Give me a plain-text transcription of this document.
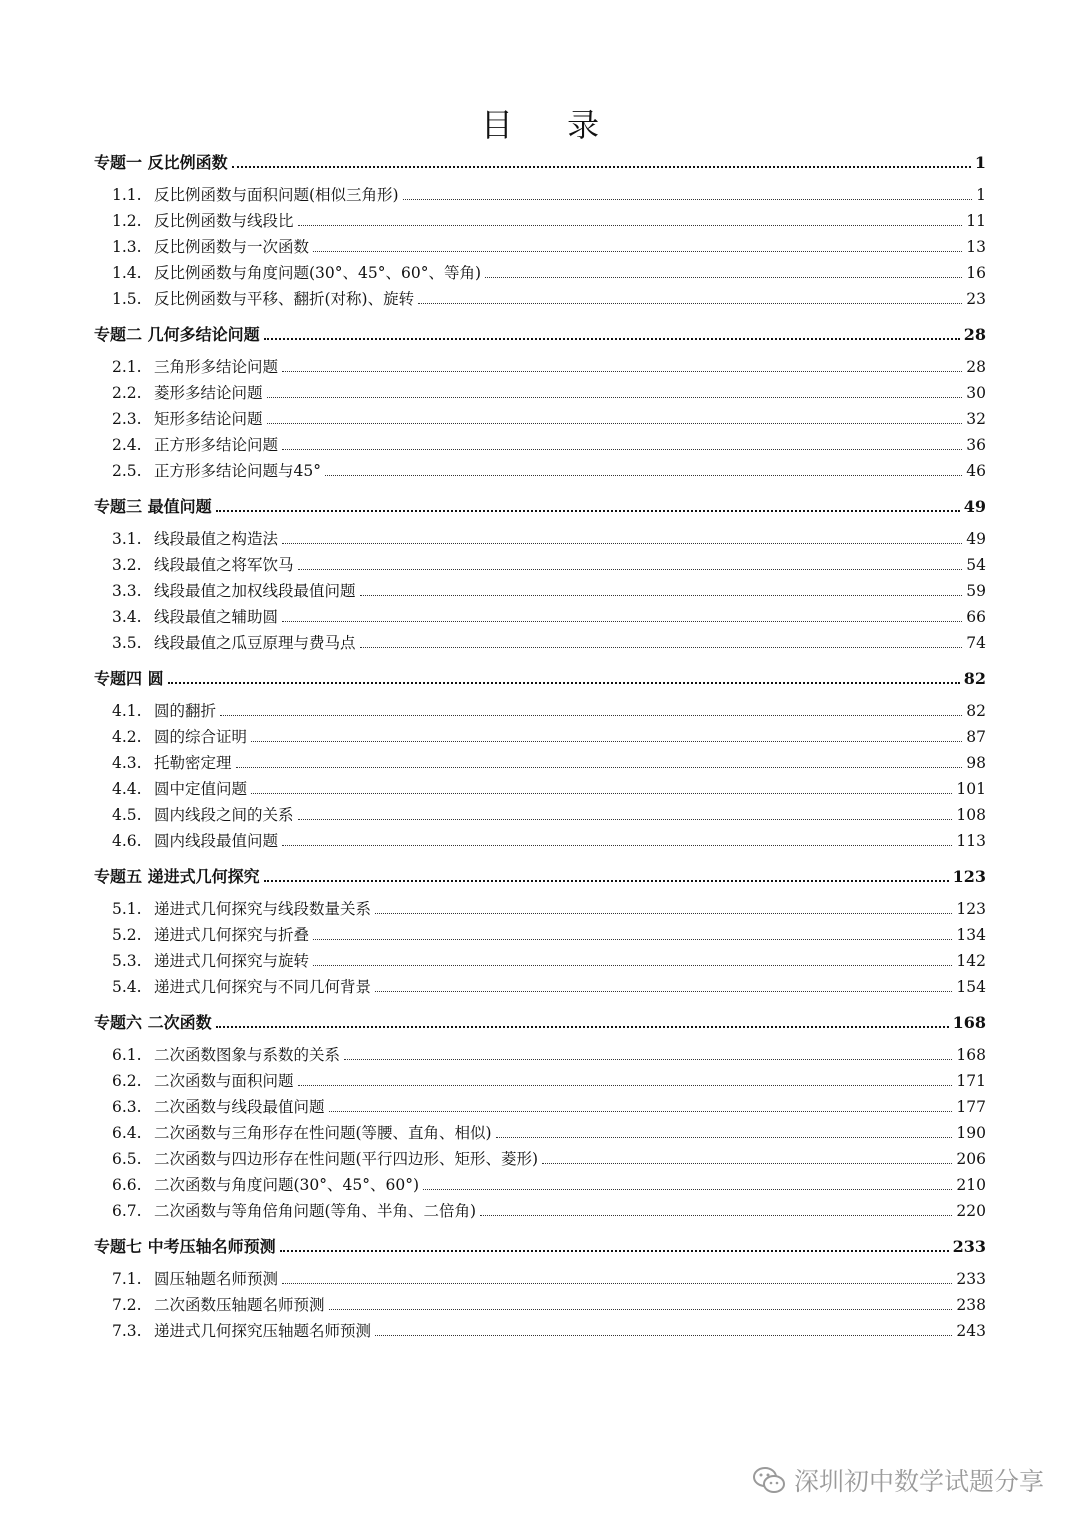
目 录
专题一 反比例函数	1
1.1. 反比例函数与面积问题(相似三角形)	1
1.2. 反比例函数与线段比	11
1.3. 反比例函数与一次函数	13
1.4. 反比例函数与角度问题(30°、45°、60°、等角)	16
1.5. 反比例函数与平移、翻折(对称)、旋转	23
专题二 几何多结论问题	28
2.1. 三角形多结论问题	28
2.2. 菱形多结论问题	30
2.3. 矩形多结论问题	32
2.4. 正方形多结论问题	36
2.5. 正方形多结论问题与45°	46
专题三 最值问题	49
3.1. 线段最值之构造法	49
3.2. 线段最值之将军饮马	54
3.3. 线段最值之加权线段最值问题	59
3.4. 线段最值之辅助圆	66
3.5. 线段最值之瓜豆原理与费马点	74
专题四 圆	82
4.1. 圆的翻折	82
4.2. 圆的综合证明	87
4.3. 托勒密定理	98
4.4. 圆中定值问题	101
4.5. 圆内线段之间的关系	108
4.6. 圆内线段最值问题	113
专题五 递进式几何探究	123
5.1. 递进式几何探究与线段数量关系	123
5.2. 递进式几何探究与折叠	134
5.3. 递进式几何探究与旋转	142
5.4. 递进式几何探究与不同几何背景	154
专题六 二次函数	168
6.1. 二次函数图象与系数的关系	168
6.2. 二次函数与面积问题	171
6.3. 二次函数与线段最值问题	177
6.4. 二次函数与三角形存在性问题(等腰、直角、相似)	190
6.5. 二次函数与四边形存在性问题(平行四边形、矩形、菱形)	206
6.6. 二次函数与角度问题(30°、45°、60°)	210
6.7. 二次函数与等角倍角问题(等角、半角、二倍角)	220
专题七 中考压轴名师预测	233
7.1. 圆压轴题名师预测	233
7.2. 二次函数压轴题名师预测	238
7.3. 递进式几何探究压轴题名师预测	243
深圳初中数学试题分享
